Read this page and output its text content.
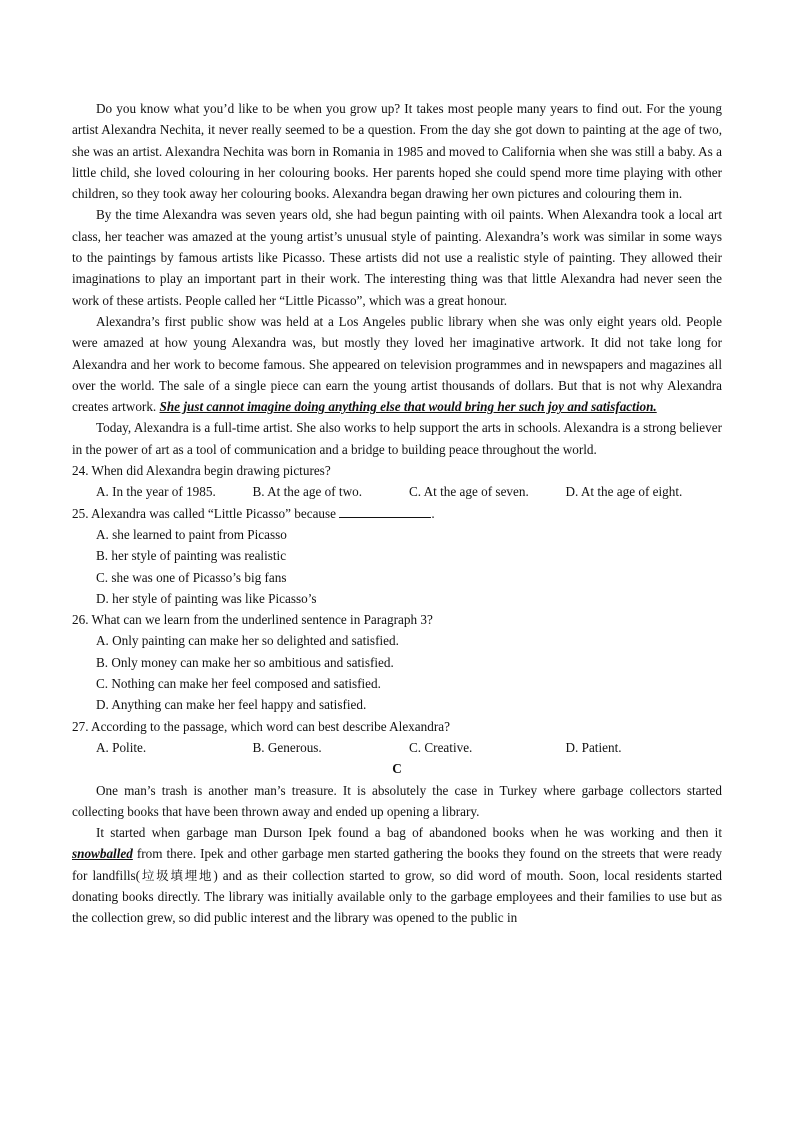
Do you know what you’d like to be when you grow up? It takes most people many years to find out. For the young artist Alexandra Nechita, it never really seemed to be a question. From the day she got down to painting at the age of two, she was an artist. Alexandra Nechita was born in Romania in 1985 and moved to California when she was still a baby. As a little child, she loved colouring in her colouring books. Her parents hoped she could spend more time playing with other children, so they took away her colouring books. Alexandra began drawing her own pictures and colouring them in.

By the time Alexandra was seven years old, she had begun painting with oil paints. When Alexandra took a local art class, her teacher was amazed at the young artist’s unusual style of painting. Alexandra’s work was similar in some ways to the paintings by famous artists like Picasso. These artists did not use a realistic style of painting. They allowed their imaginations to play an important part in their work. The interesting thing was that little Alexandra had never seen the work of these artists. People called her “Little Picasso”, which was a great honour.

Alexandra’s first public show was held at a Los Angeles public library when she was only eight years old. People were amazed at how young Alexandra was, but mostly they loved her imaginative artwork. It did not take long for Alexandra and her work to become famous. She appeared on television programmes and in newspapers and magazines all over the world. The sale of a single piece can earn the young artist thousands of dollars. But that is not why Alexandra creates artwork. She just cannot imagine doing anything else that would bring her such joy and satisfaction.

Today, Alexandra is a full-time artist. She also works to help support the arts in schools. Alexandra is a strong believer in the power of art as a tool of communication and a bridge to building peace throughout the world.

24. When did Alexandra begin drawing pictures?

A. In the year of 1985.	B. At the age of two.	C. At the age of seven.	D. At the age of eight.

25. Alexandra was called “Little Picasso” because	.

A. she learned to paint from Picasso

B. her style of painting was realistic

C. she was one of Picasso’s big fans

D. her style of painting was like Picasso’s

26. What can we learn from the underlined sentence in Paragraph 3?

A. Only painting can make her so delighted and satisfied.

B. Only money can make her so ambitious and satisfied.

C. Nothing can make her feel composed and satisfied.

D. Anything can make her feel happy and satisfied.

27. According to the passage, which word can best describe Alexandra?

A. Polite.	B. Generous.	C. Creative.	D. Patient.

C

One man’s trash is another man’s treasure. It is absolutely the case in Turkey where garbage collectors started collecting books that have been thrown away and ended up opening a library.

It started when garbage man Durson Ipek found a bag of abandoned books when he was working and then it snowballed from there. Ipek and other garbage men started gathering the books they found on the streets that were ready for landfills(垃圾填埋地) and as their collection started to grow, so did word of mouth. Soon, local residents started donating books directly. The library was initially available only to the garbage employees and their families to use but as the collection grew, so did public interest and the library was opened to the public in
